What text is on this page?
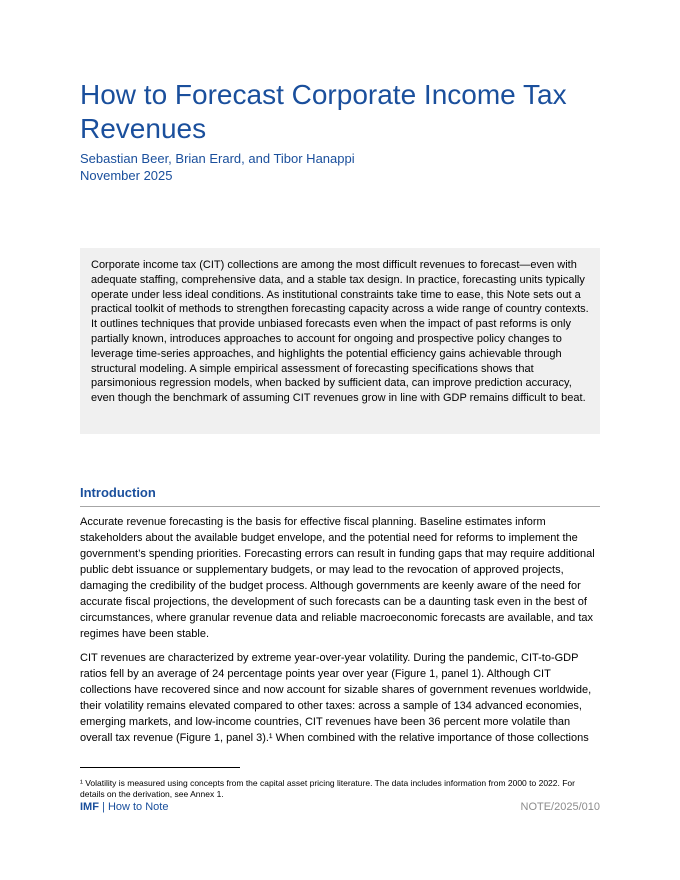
How to Forecast Corporate Income Tax Revenues
Sebastian Beer, Brian Erard, and Tibor Hanappi
November 2025

Corporate income tax (CIT) collections are among the most difficult revenues to forecast—even with adequate staffing, comprehensive data, and a stable tax design. In practice, forecasting units typically operate under less ideal conditions. As institutional constraints take time to ease, this Note sets out a practical toolkit of methods to strengthen forecasting capacity across a wide range of country contexts. It outlines techniques that provide unbiased forecasts even when the impact of past reforms is only partially known, introduces approaches to account for ongoing and prospective policy changes to leverage time-series approaches, and highlights the potential efficiency gains achievable through structural modeling. A simple empirical assessment of forecasting specifications shows that parsimonious regression models, when backed by sufficient data, can improve prediction accuracy, even though the benchmark of assuming CIT revenues grow in line with GDP remains difficult to beat.

Introduction

Accurate revenue forecasting is the basis for effective fiscal planning. Baseline estimates inform stakeholders about the available budget envelope, and the potential need for reforms to implement the government’s spending priorities. Forecasting errors can result in funding gaps that may require additional public debt issuance or supplementary budgets, or may lead to the revocation of approved projects, damaging the credibility of the budget process. Although governments are keenly aware of the need for accurate fiscal projections, the development of such forecasts can be a daunting task even in the best of circumstances, where granular revenue data and reliable macroeconomic forecasts are available, and tax regimes have been stable.

CIT revenues are characterized by extreme year-over-year volatility. During the pandemic, CIT-to-GDP ratios fell by an average of 24 percentage points year over year (Figure 1, panel 1). Although CIT collections have recovered since and now account for sizable shares of government revenues worldwide, their volatility remains elevated compared to other taxes: across a sample of 134 advanced economies, emerging markets, and low-income countries, CIT revenues have been 36 percent more volatile than overall tax revenue (Figure 1, panel 3).¹ When combined with the relative importance of those collections

¹ Volatility is measured using concepts from the capital asset pricing literature. The data includes information from 2000 to 2022. For details on the derivation, see Annex 1.

IMF | How to Note	NOTE/2025/010
